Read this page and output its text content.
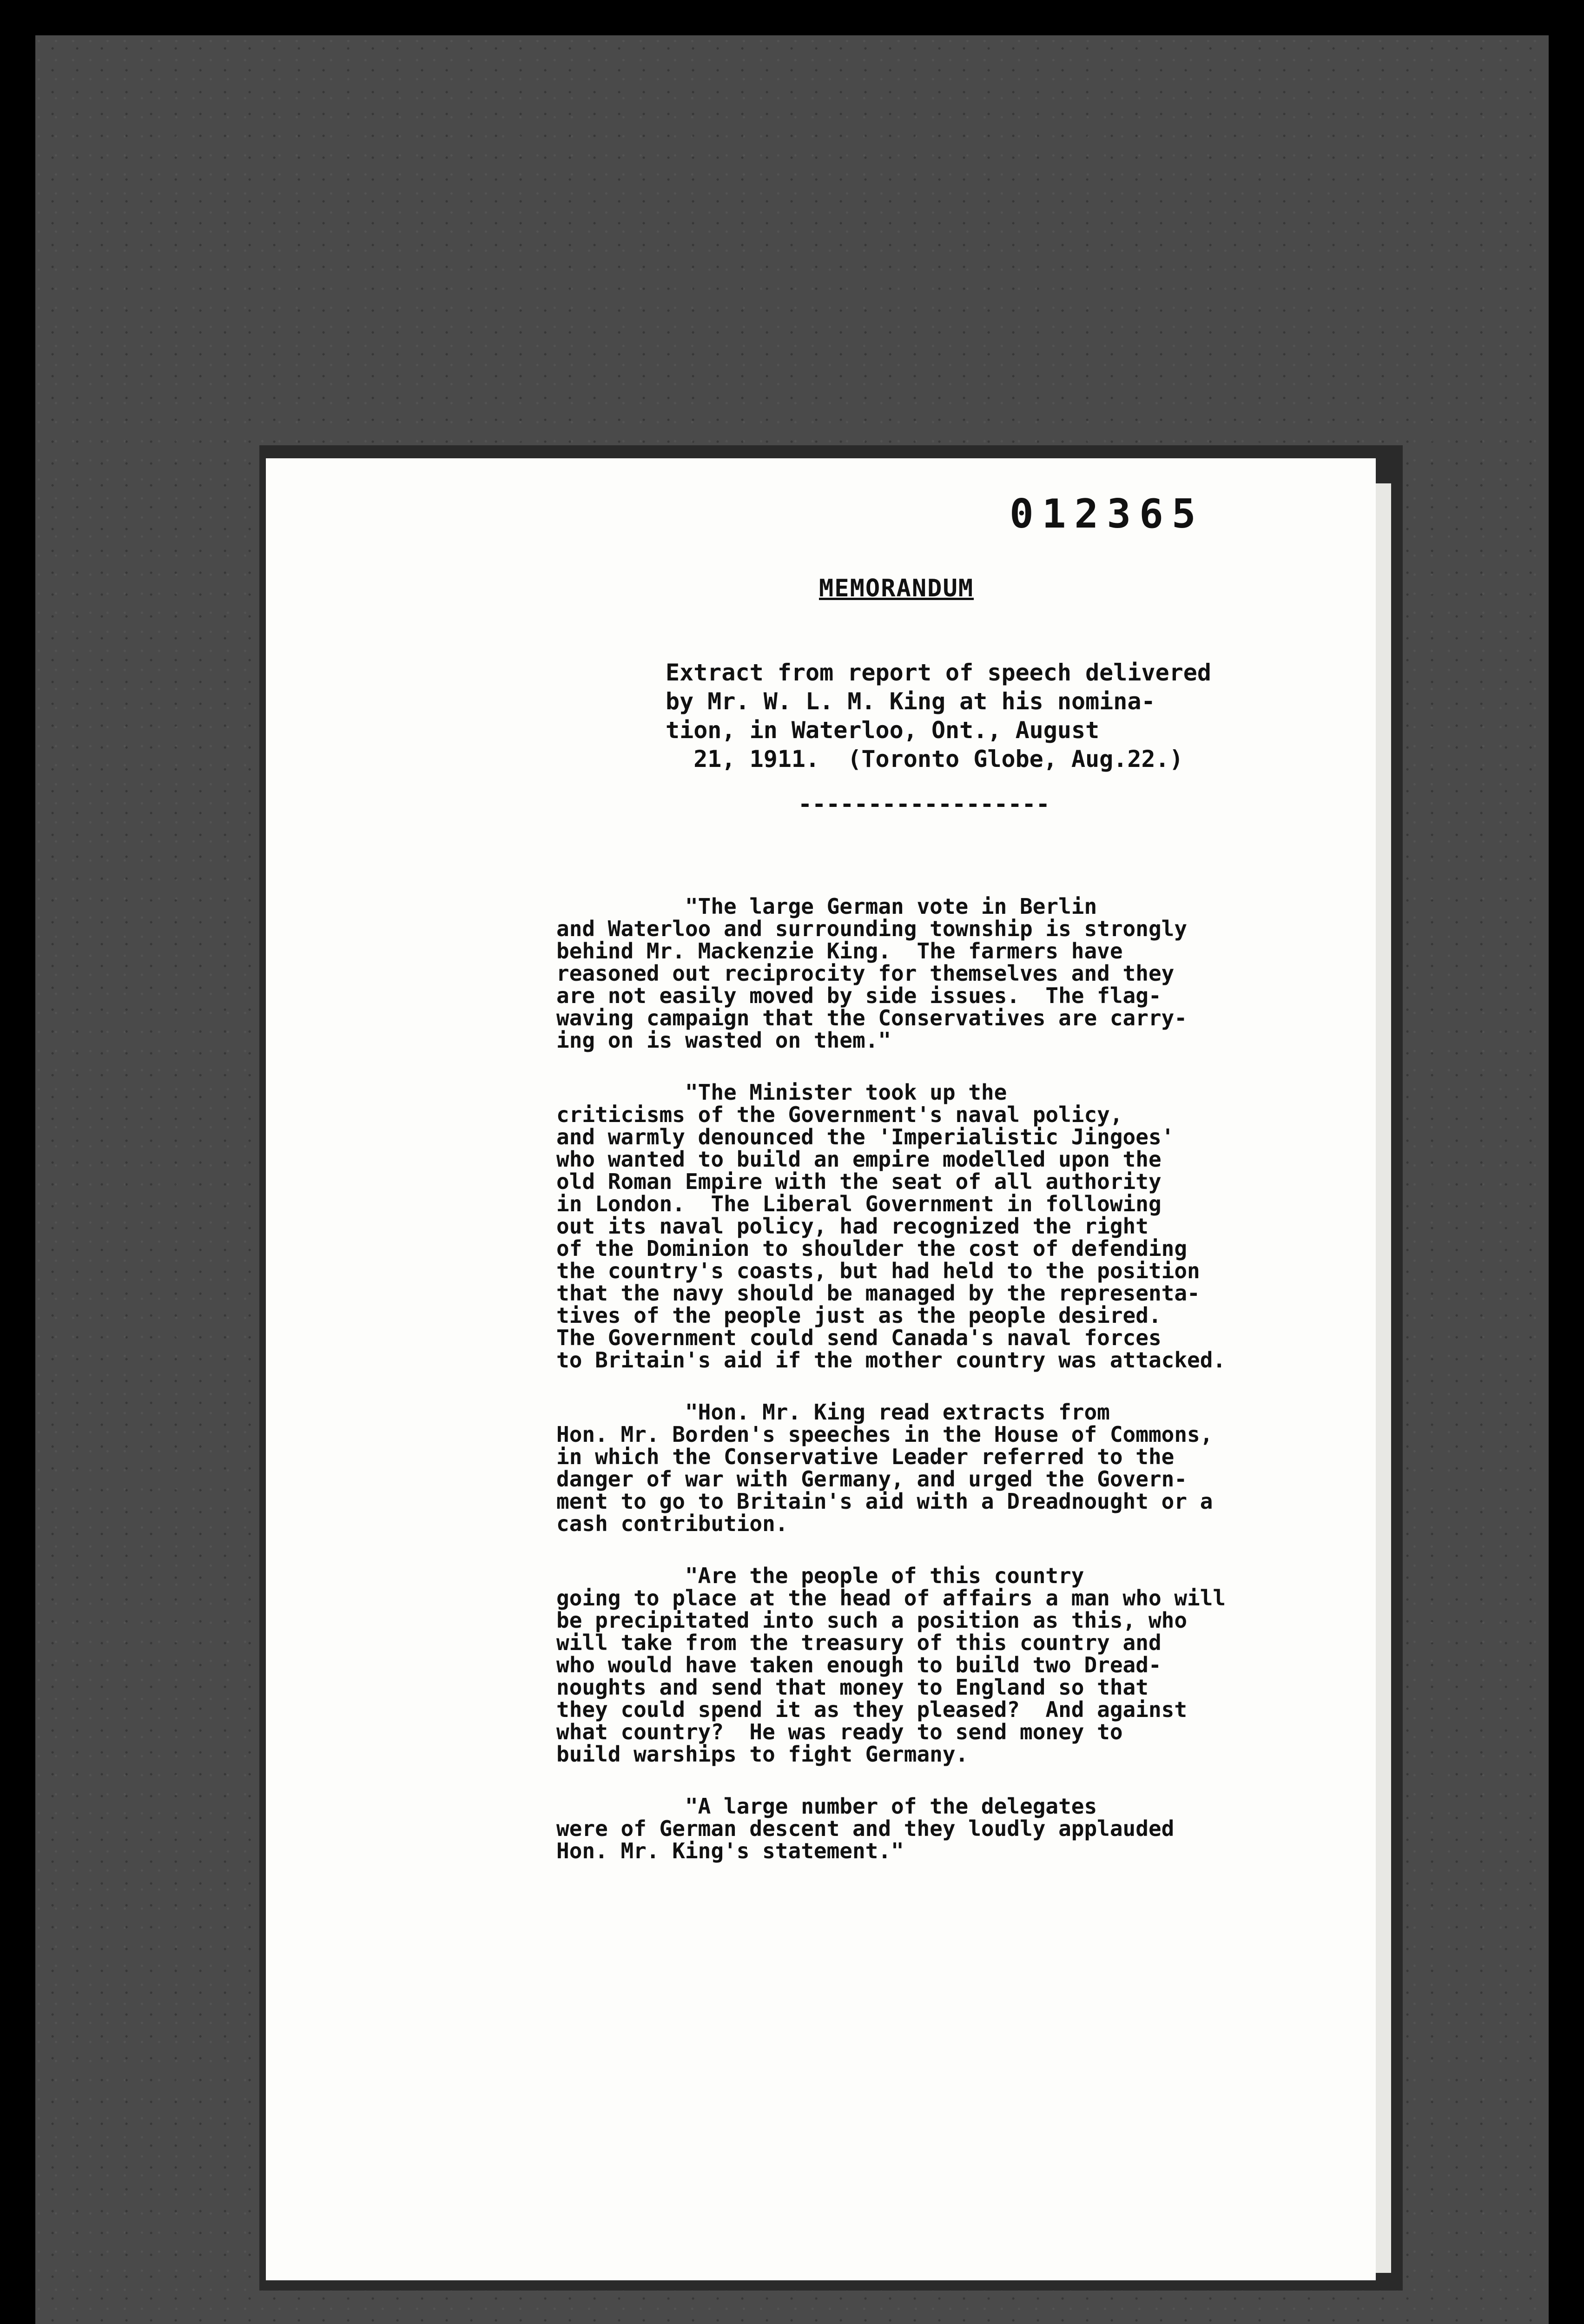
012365
MEMORANDUM
Extract from report of speech delivered
by Mr. W. L. M. King at his nomina-
tion, in Waterloo, Ont., August
21, 1911.  (Toronto Globe, Aug.22.)
------------------
"The large German vote in Berlin
and Waterloo and surrounding township is strongly
behind Mr. Mackenzie King.  The farmers have
reasoned out reciprocity for themselves and they
are not easily moved by side issues.  The flag-
waving campaign that the Conservatives are carry-
ing on is wasted on them."
"The Minister took up the
criticisms of the Government's naval policy,
and warmly denounced the 'Imperialistic Jingoes'
who wanted to build an empire modelled upon the
old Roman Empire with the seat of all authority
in London.  The Liberal Government in following
out its naval policy, had recognized the right
of the Dominion to shoulder the cost of defending
the country's coasts, but had held to the position
that the navy should be managed by the representa-
tives of the people just as the people desired.
The Government could send Canada's naval forces
to Britain's aid if the mother country was attacked.
"Hon. Mr. King read extracts from
Hon. Mr. Borden's speeches in the House of Commons,
in which the Conservative Leader referred to the
danger of war with Germany, and urged the Govern-
ment to go to Britain's aid with a Dreadnought or a
cash contribution.
"Are the people of this country
going to place at the head of affairs a man who will
be precipitated into such a position as this, who
will take from the treasury of this country and
who would have taken enough to build two Dread-
noughts and send that money to England so that
they could spend it as they pleased?  And against
what country?  He was ready to send money to
build warships to fight Germany.
"A large number of the delegates
were of German descent and they loudly applauded
Hon. Mr. King's statement."
